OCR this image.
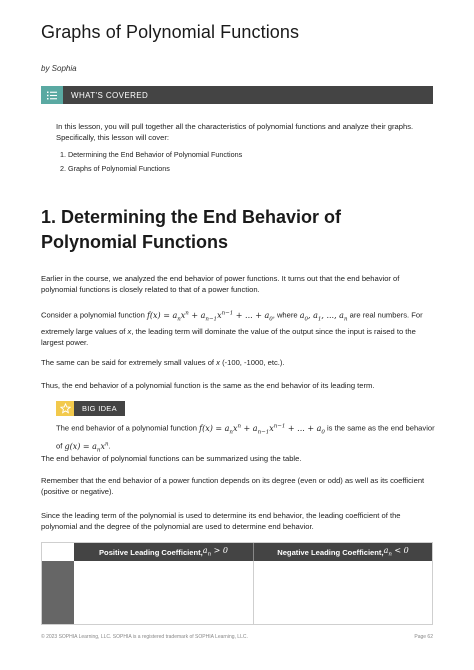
Graphs of Polynomial Functions
by Sophia
WHAT'S COVERED

In this lesson, you will pull together all the characteristics of polynomial functions and analyze their graphs. Specifically, this lesson will cover:

1. Determining the End Behavior of Polynomial Functions
2. Graphs of Polynomial Functions
1. Determining the End Behavior of Polynomial Functions

Earlier in the course, we analyzed the end behavior of power functions. It turns out that the end behavior of polynomial functions is closely related to that of a power function.

Consider a polynomial function $f(x) = a_nx^n + a_{n-1}x^{n-1}$ + ... + $a_0$, where $a_0$, $a_1$, ..., $a_n$ are real numbers. For extremely large values of x, the leading term will dominate the value of the output since the input is raised to the largest power.

The same can be said for extremely small values of x (-100, -1000, etc.).

Thus, the end behavior of a polynomial function is the same as the end behavior of its leading term.

BIG IDEA

The end behavior of a polynomial function $f(x) = a_nx^n + a_{n-1}x^{n-1}$ + ... + $a_0$ is the same as the end behavior of $g(x) = a_nx^n$.

The end behavior of polynomial functions can be summarized using the table.

Remember that the end behavior of a power function depends on its degree (even or odd) as well as its coefficient (positive or negative).

Since the leading term of the polynomial is used to determine its end behavior, the leading coefficient of the polynomial and the degree of the polynomial are used to determine end behavior.

Positive Leading Coefficient, $a_n > 0$	Negative Leading Coefficient, $a_n < 0$
© 2023 SOPHIA Learning, LLC. SOPHIA is a registered trademark of SOPHIA Learning, LLC.	Page 62
